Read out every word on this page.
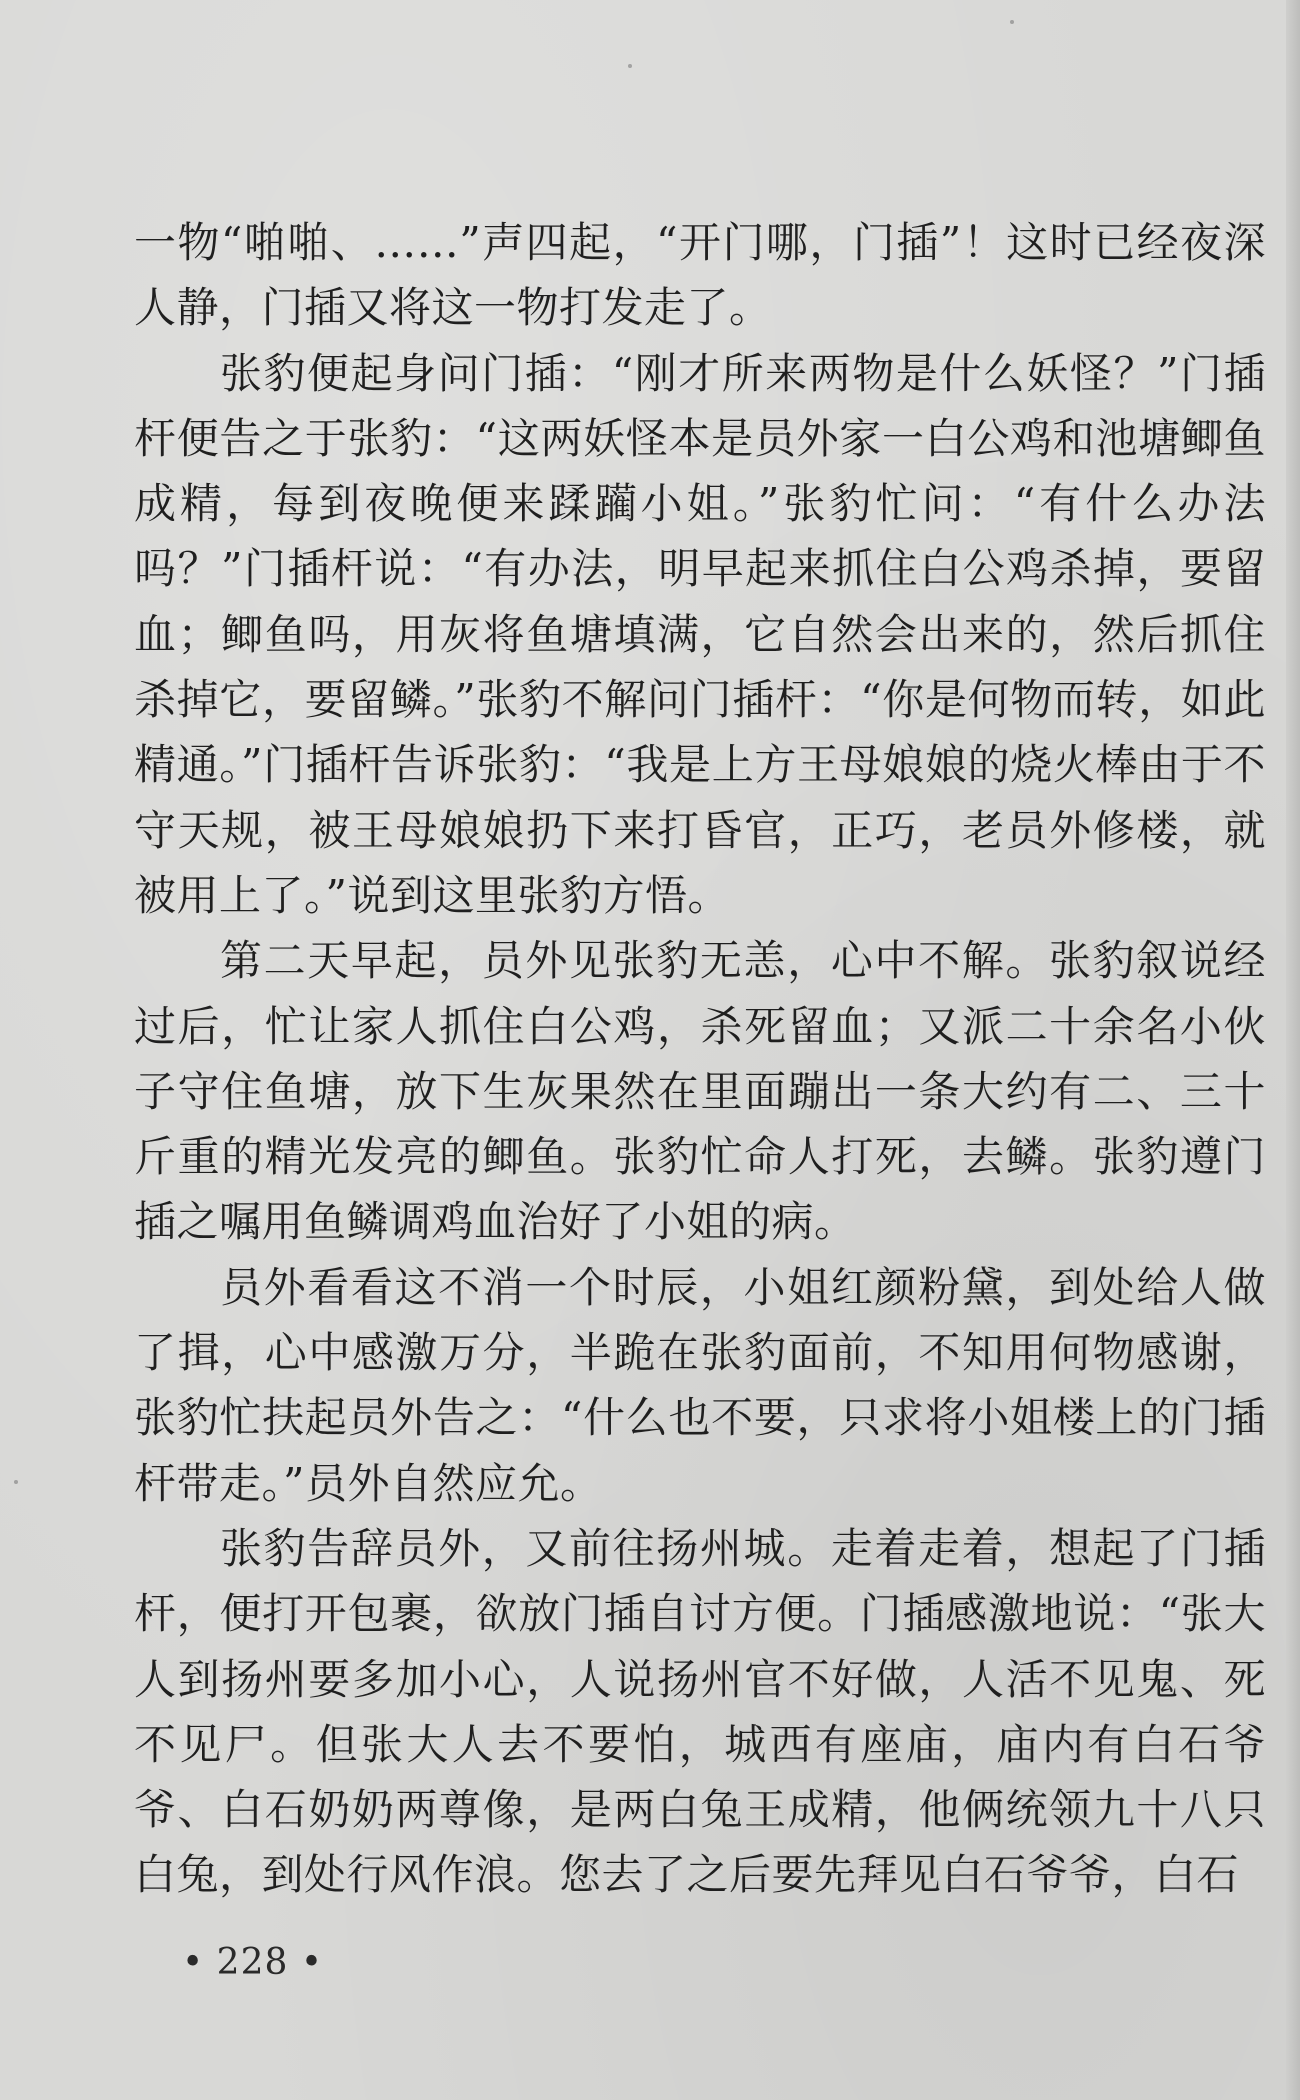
一物“啪啪、……”声四起，“开门哪，门插”！这时已经夜深人静，门插又将这一物打发走了。

张豹便起身问门插：“刚才所来两物是什么妖怪？”门插杆便告之于张豹：“这两妖怪本是员外家一白公鸡和池塘鲫鱼成精，每到夜晚便来蹂躏小姐。”张豹忙问：“有什么办法吗？”门插杆说：“有办法，明早起来抓住白公鸡杀掉，要留血；鲫鱼吗，用灰将鱼塘填满，它自然会出来的，然后抓住杀掉它，要留鳞。”张豹不解问门插杆：“你是何物而转，如此精通。”门插杆告诉张豹：“我是上方王母娘娘的烧火棒由于不守天规，被王母娘娘扔下来打昏官，正巧，老员外修楼，就被用上了。”说到这里张豹方悟。

第二天早起，员外见张豹无恙，心中不解。张豹叙说经过后，忙让家人抓住白公鸡，杀死留血；又派二十余名小伙子守住鱼塘，放下生灰果然在里面蹦出一条大约有二、三十斤重的精光发亮的鲫鱼。张豹忙命人打死，去鳞。张豹遵门插之嘱用鱼鳞调鸡血治好了小姐的病。

员外看看这不消一个时辰，小姐红颜粉黛，到处给人做了揖，心中感激万分，半跪在张豹面前，不知用何物感谢，张豹忙扶起员外告之：“什么也不要，只求将小姐楼上的门插杆带走。”员外自然应允。

张豹告辞员外，又前往扬州城。走着走着，想起了门插杆，便打开包裹，欲放门插自讨方便。门插感激地说：“张大人到扬州要多加小心，人说扬州官不好做，人活不见鬼、死不见尸。但张大人去不要怕，城西有座庙，庙内有白石爷爷、白石奶奶两尊像，是两白兔王成精，他俩统领九十八只白兔，到处行风作浪。您去了之后要先拜见白石爷爷，白石

• 228 •
